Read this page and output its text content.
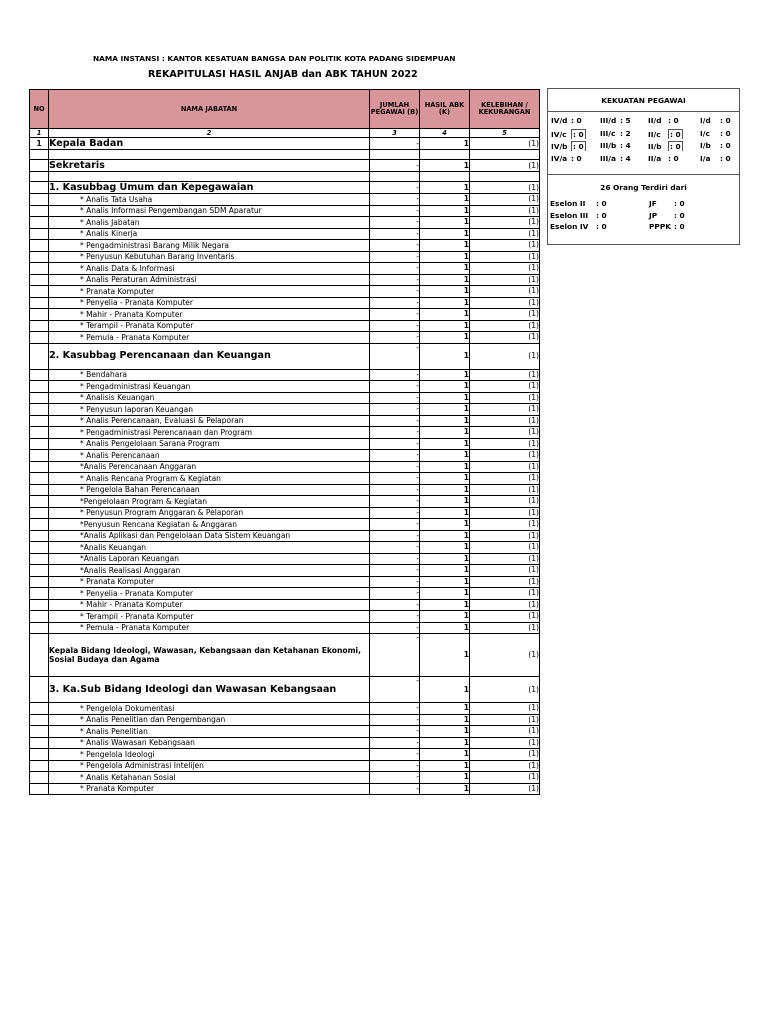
NAMA INSTANSI : KANTOR KESATUAN BANGSA DAN POLITIK KOTA PADANG SIDEMPUAN
REKAPITULASI HASIL ANJAB dan ABK TAHUN 2022
NO	NAMA JABATAN	JUMLAH PEGAWAI (B)	HASIL ABK (K)	KELEBIHAN / KEKURANGAN
1	2	3	4	5
1	Kepala Badan	-	1	(1)

	Sekretaris	-	1	(1)

	1. Kasubbag Umum dan Kepegawaian	-	1	(1)
	* Analis Tata Usaha	-	1	(1)
	* Analis Informasi Pengembangan SDM Aparatur	-	1	(1)
	* Analis Jabatan	-	1	(1)
	* Analis Kinerja	-	1	(1)
	* Pengadministrasi Barang Milik Negara	-	1	(1)
	* Penyusun Kebutuhan Barang Inventaris	-	1	(1)
	* Analis Data & Informasi	-	1	(1)
	* Analis Peraturan Administrasi	-	1	(1)
	* Pranata Komputer	-	1	(1)
	* Penyelia - Pranata Komputer	-	1	(1)
	* Mahir - Pranata Komputer	-	1	(1)
	* Terampil - Pranata Komputer	-	1	(1)
	* Pemula - Pranata Komputer	-	1	(1)
	2. Kasubbag Perencanaan dan Keuangan	-	1	(1)
	* Bendahara	-	1	(1)
	* Pengadministrasi Keuangan	-	1	(1)
	* Analisis Keuangan	-	1	(1)
	* Penyusun laporan Keuangan	-	1	(1)
	* Analis Perencanaan, Evaluasi & Pelaporan	-	1	(1)
	* Pengadministrasi Perencanaan dan Program	-	1	(1)
	* Analis Pengelolaan Sarana Program	-	1	(1)
	* Analis Perencanaan	-	1	(1)
	*Analis Perencanaan Anggaran	-	1	(1)
	* Analis Rencana Program & Kegiatan	-	1	(1)
	* Pengelola Bahan Perencanaan	-	1	(1)
	*Pengelolaan Program & Kegiatan	-	1	(1)
	* Penyusun Program Anggaran & Pelaporan	-	1	(1)
	*Penyusun Rencana Kegiatan & Anggaran	-	1	(1)
	*Analis Aplikasi dan Pengelolaan Data Sistem Keuangan	-	1	(1)
	*Analis Keuangan	-	1	(1)
	*Analis Laporan Keuangan	-	1	(1)
	*Analis Realisasi Anggaran	-	1	(1)
	* Pranata Komputer	-	1	(1)
	* Penyelia - Pranata Komputer	-	1	(1)
	* Mahir - Pranata Komputer	-	1	(1)
	* Terampil - Pranata Komputer	-	1	(1)
	* Pemula - Pranata Komputer	-	1	(1)
	Kepala Bidang Ideologi, Wawasan, Kebangsaan dan Ketahanan Ekonomi, Sosial Budaya dan Agama	-	1	(1)
	3. Ka.Sub Bidang Ideologi dan Wawasan Kebangsaan	-	1	(1)
	* Pengelola Dokumentasi	-	1	(1)
	* Analis Penelitian dan Pengembangan	-	1	(1)
	* Analis Penelitian	-	1	(1)
	* Analis Wawasan Kebangsaan	-	1	(1)
	* Pengelola Ideologi	-	1	(1)
	* Pengelola Administrasi Intelijen	-	1	(1)
	* Analis Ketahanan Sosial	-	1	(1)
	* Pranata Komputer	-	1	(1)
KEKUATAN PEGAWAI
IV/d : 0 III/d : 5 II/d : 0	I/d : 0
IV/c : 0 III/c : 2 II/c : 0	I/c : 0
IV/b : 0 III/b : 4 II/b : 0	I/b : 0
IV/a : 0 III/a : 4 II/a : 0	I/a : 0
26 Orang Terdiri dari
Eselon II : 0	JF : 0
Eselon III : 0	JP : 0
Eselon IV : 0	PPPK : 0
